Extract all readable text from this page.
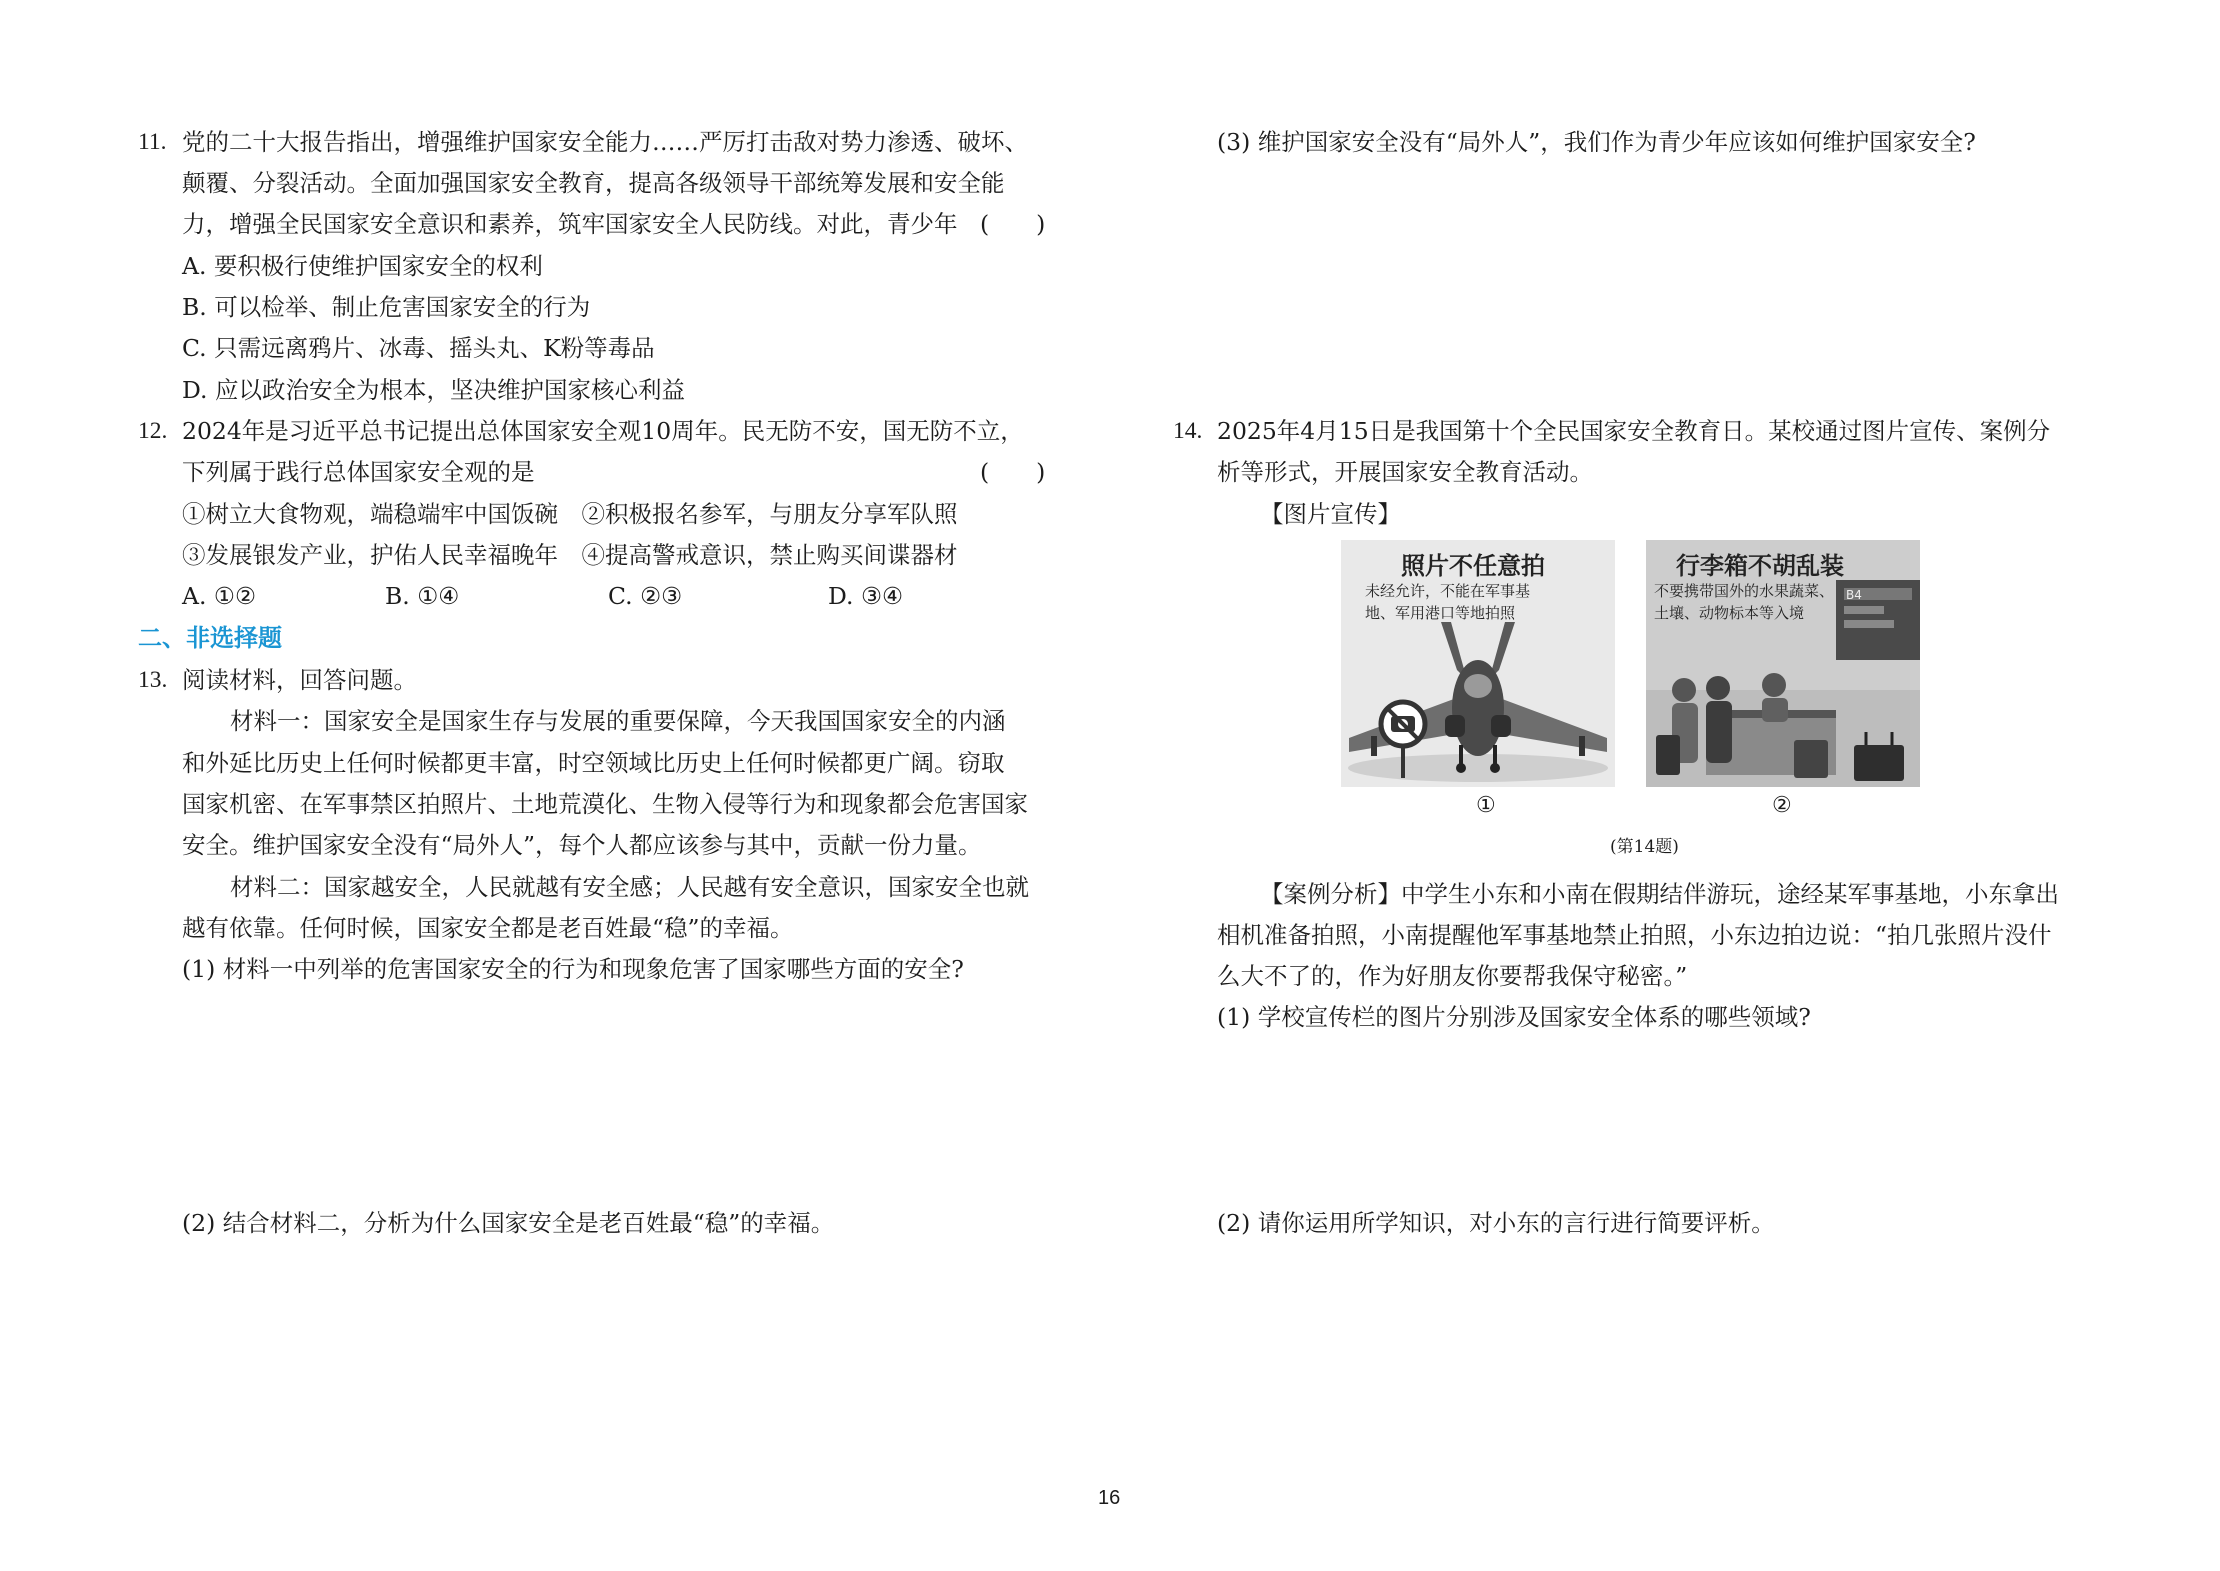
11. 党的二十大报告指出，增强维护国家安全能力……严厉打击敌对势力渗透、破坏、
颠覆、分裂活动。全面加强国家安全教育，提高各级领导干部统筹发展和安全能
力，增强全民国家安全意识和素养，筑牢国家安全人民防线。对此，青少年 (　　)
A. 要积极行使维护国家安全的权利
B. 可以检举、制止危害国家安全的行为
C. 只需远离鸦片、冰毒、摇头丸、K粉等毒品
D. 应以政治安全为根本，坚决维护国家核心利益
12. 2024年是习近平总书记提出总体国家安全观10周年。民无防不安，国无防不立，
下列属于践行总体国家安全观的是	(　　)
①树立大食物观，端稳端牢中国饭碗　②积极报名参军，与朋友分享军队照
③发展银发产业，护佑人民幸福晚年　④提高警戒意识，禁止购买间谍器材
A. ①②	B. ①④	C. ②③	D. ③④
二、非选择题
13. 阅读材料，回答问题。
材料一：国家安全是国家生存与发展的重要保障，今天我国国家安全的内涵
和外延比历史上任何时候都更丰富，时空领域比历史上任何时候都更广阔。窃取
国家机密、在军事禁区拍照片、土地荒漠化、生物入侵等行为和现象都会危害国家
安全。维护国家安全没有“局外人”，每个人都应该参与其中，贡献一份力量。
材料二：国家越安全，人民就越有安全感；人民越有安全意识，国家安全也就
越有依靠。任何时候，国家安全都是老百姓最“稳”的幸福。
(1) 材料一中列举的危害国家安全的行为和现象危害了国家哪些方面的安全?
(2) 结合材料二，分析为什么国家安全是老百姓最“稳”的幸福。
(3) 维护国家安全没有“局外人”，我们作为青少年应该如何维护国家安全?
14. 2025年4月15日是我国第十个全民国家安全教育日。某校通过图片宣传、案例分
析等形式，开展国家安全教育活动。
【图片宣传】
照片不任意拍
未经允许，不能在军事基
地、军用港口等地拍照
行李箱不胡乱装
不要携带国外的水果蔬菜、
土壤、动物标本等入境
B4
①	②
(第14题)
【案例分析】中学生小东和小南在假期结伴游玩，途经某军事基地，小东拿出
相机准备拍照，小南提醒他军事基地禁止拍照，小东边拍边说：“拍几张照片没什
么大不了的，作为好朋友你要帮我保守秘密。”
(1) 学校宣传栏的图片分别涉及国家安全体系的哪些领域?
(2) 请你运用所学知识，对小东的言行进行简要评析。
16
